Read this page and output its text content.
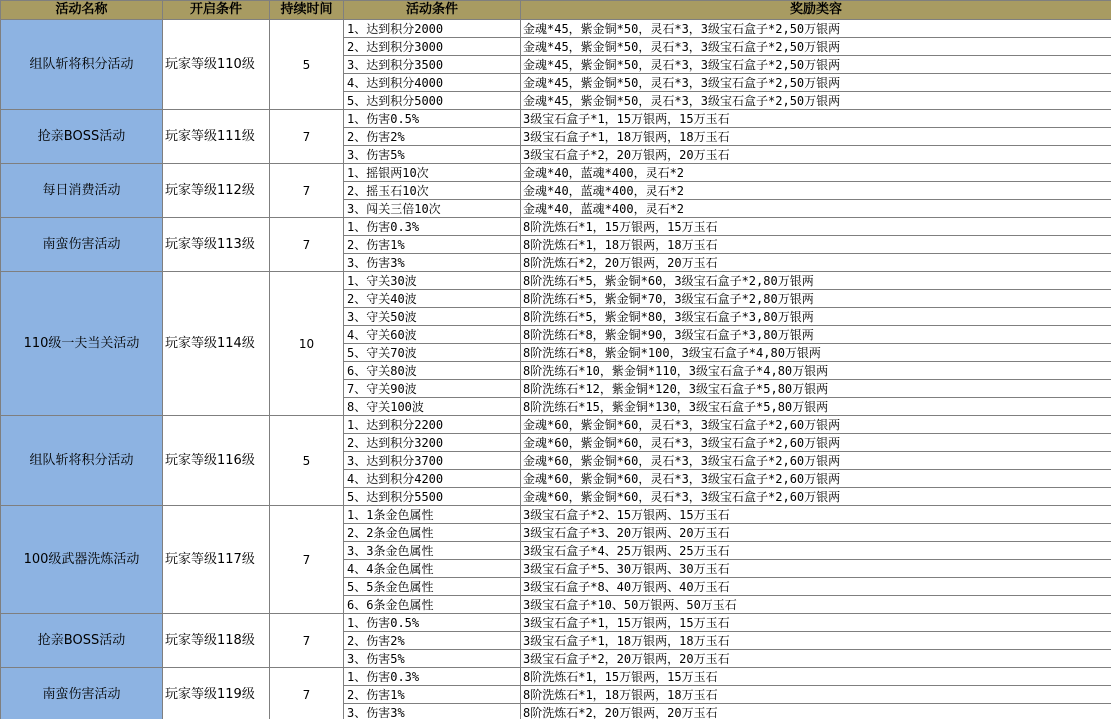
活动名称	开启条件	持续时间	活动条件	奖励类容
组队斩将积分活动	玩家等级110级	5	1、达到积分2000	金魂*45，紫金铜*50，灵石*3，3级宝石盒子*2,50万银两
			2、达到积分3000	金魂*45，紫金铜*50，灵石*3，3级宝石盒子*2,50万银两
			3、达到积分3500	金魂*45，紫金铜*50，灵石*3，3级宝石盒子*2,50万银两
			4、达到积分4000	金魂*45，紫金铜*50，灵石*3，3级宝石盒子*2,50万银两
			5、达到积分5000	金魂*45，紫金铜*50，灵石*3，3级宝石盒子*2,50万银两
抢亲BOSS活动	玩家等级111级	7	1、伤害0.5%	3级宝石盒子*1，15万银两，15万玉石
			2、伤害2%	3级宝石盒子*1，18万银两，18万玉石
			3、伤害5%	3级宝石盒子*2，20万银两，20万玉石
每日消费活动	玩家等级112级	7	1、摇银两10次	金魂*40，蓝魂*400，灵石*2
			2、摇玉石10次	金魂*40，蓝魂*400，灵石*2
			3、闯关三倍10次	金魂*40，蓝魂*400，灵石*2
南蛮伤害活动	玩家等级113级	7	1、伤害0.3%	8阶洗炼石*1，15万银两，15万玉石
			2、伤害1%	8阶洗炼石*1，18万银两，18万玉石
			3、伤害3%	8阶洗炼石*2，20万银两，20万玉石
110级一夫当关活动	玩家等级114级	10	1、守关30波	8阶洗练石*5，紫金铜*60，3级宝石盒子*2,80万银两
			2、守关40波	8阶洗练石*5，紫金铜*70，3级宝石盒子*2,80万银两
			3、守关50波	8阶洗练石*5，紫金铜*80，3级宝石盒子*3,80万银两
			4、守关60波	8阶洗练石*8，紫金铜*90，3级宝石盒子*3,80万银两
			5、守关70波	8阶洗练石*8，紫金铜*100，3级宝石盒子*4,80万银两
			6、守关80波	8阶洗练石*10，紫金铜*110，3级宝石盒子*4,80万银两
			7、守关90波	8阶洗练石*12，紫金铜*120，3级宝石盒子*5,80万银两
			8、守关100波	8阶洗练石*15，紫金铜*130，3级宝石盒子*5,80万银两
组队斩将积分活动	玩家等级116级	5	1、达到积分2200	金魂*60，紫金铜*60，灵石*3，3级宝石盒子*2,60万银两
			2、达到积分3200	金魂*60，紫金铜*60，灵石*3，3级宝石盒子*2,60万银两
			3、达到积分3700	金魂*60，紫金铜*60，灵石*3，3级宝石盒子*2,60万银两
			4、达到积分4200	金魂*60，紫金铜*60，灵石*3，3级宝石盒子*2,60万银两
			5、达到积分5500	金魂*60，紫金铜*60，灵石*3，3级宝石盒子*2,60万银两
100级武器洗炼活动	玩家等级117级	7	1、1条金色属性	3级宝石盒子*2、15万银两、15万玉石
			2、2条金色属性	3级宝石盒子*3、20万银两、20万玉石
			3、3条金色属性	3级宝石盒子*4、25万银两、25万玉石
			4、4条金色属性	3级宝石盒子*5、30万银两、30万玉石
			5、5条金色属性	3级宝石盒子*8、40万银两、40万玉石
			6、6条金色属性	3级宝石盒子*10、50万银两、50万玉石
抢亲BOSS活动	玩家等级118级	7	1、伤害0.5%	3级宝石盒子*1，15万银两，15万玉石
			2、伤害2%	3级宝石盒子*1，18万银两，18万玉石
			3、伤害5%	3级宝石盒子*2，20万银两，20万玉石
南蛮伤害活动	玩家等级119级	7	1、伤害0.3%	8阶洗炼石*1，15万银两，15万玉石
			2、伤害1%	8阶洗炼石*1，18万银两，18万玉石
			3、伤害3%	8阶洗炼石*2，20万银两，20万玉石
